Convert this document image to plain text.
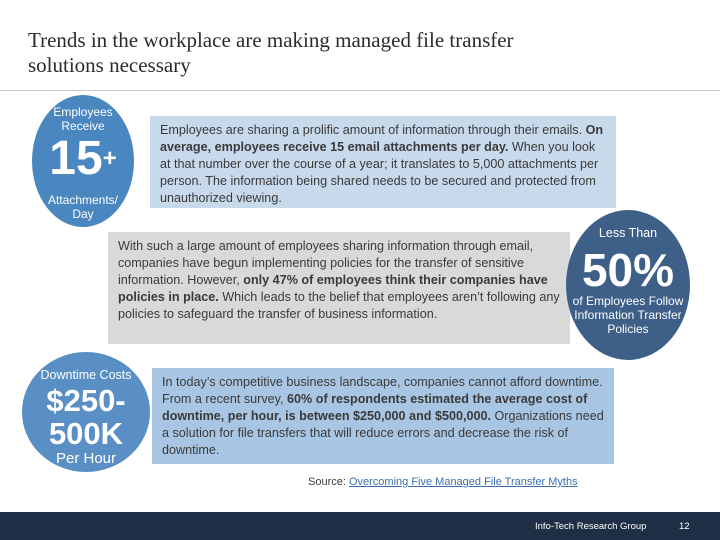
Trends in the workplace are making managed file transfer solutions necessary
Employees Receive
15+
Attachments/ Day
Employees are sharing a prolific amount of information through their emails. On average, employees receive 15 email attachments per day. When you look at that number over the course of a year; it translates to 5,000 attachments per person. The information being shared needs to be secured and protected from unauthorized viewing.
With such a large amount of employees sharing information through email, companies have begun implementing policies for the transfer of sensitive information. However, only 47% of employees think their companies have policies in place. Which leads to the belief that employees aren’t following any policies to safeguard the transfer of business information.
Less Than
50%
of Employees Follow Information Transfer Policies
Downtime Costs
$250-
500K
Per Hour
In today’s competitive business landscape, companies cannot afford downtime. From a recent survey, 60% of respondents estimated the average cost of downtime, per hour, is between $250,000 and $500,000. Organizations need a solution for file transfers that will reduce errors and decrease the risk of downtime.
Source: Overcoming Five Managed File Transfer Myths
Info-Tech Research Group	12
